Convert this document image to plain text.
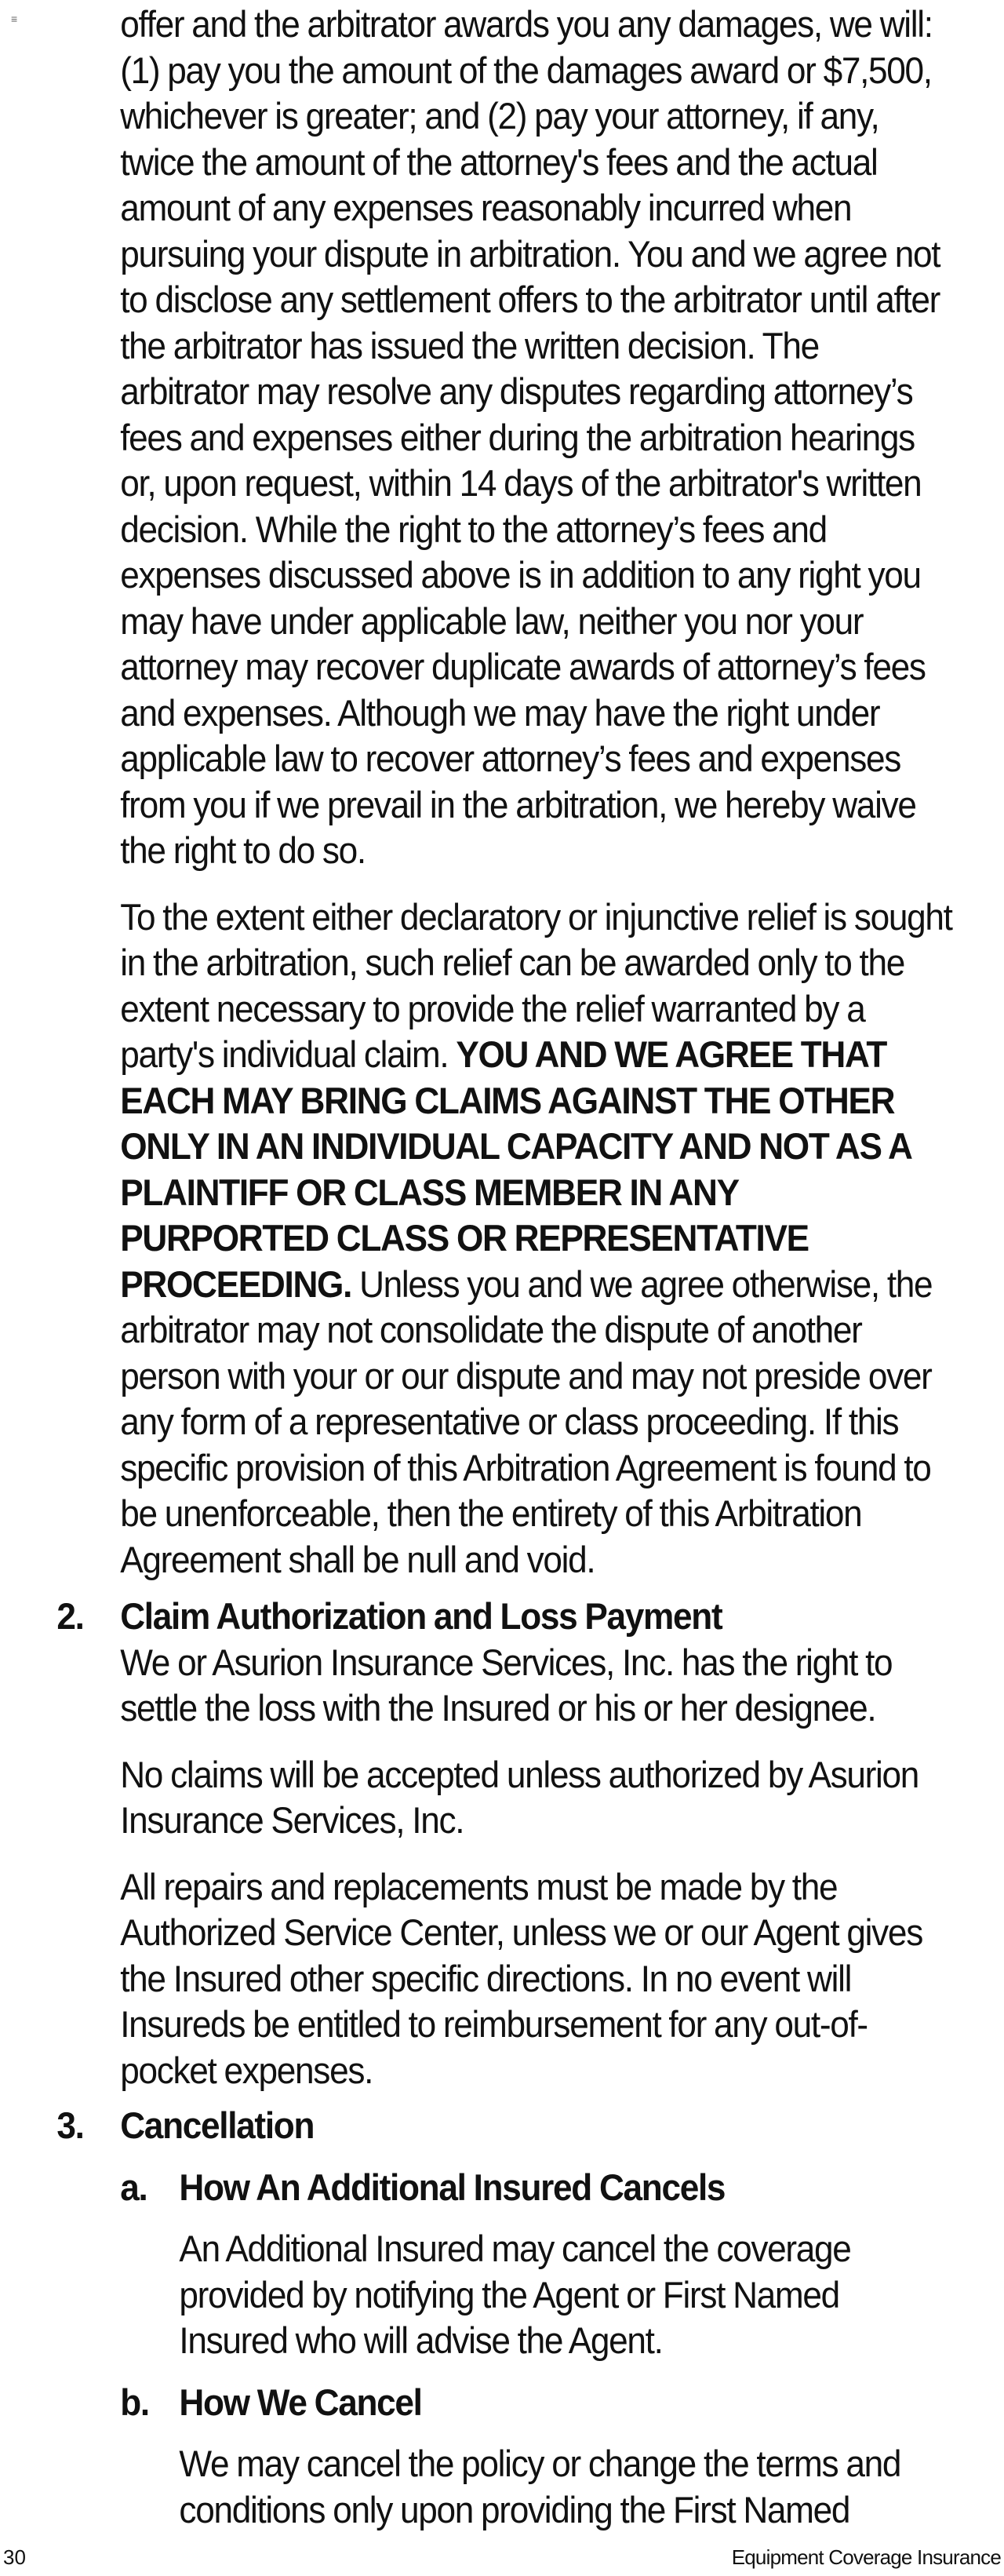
≡	offer and the arbitrator awards you any damages, we will: (1) pay you the amount of the damages award or $7,500, whichever is greater; and (2) pay your attorney, if any, twice the amount of the attorney's fees and the actual amount of any expenses reasonably incurred when pursuing your dispute in arbitration. You and we agree not to disclose any settlement offers to the arbitrator until after the arbitrator has issued the written decision. The arbitrator may resolve any disputes regarding attorney’s fees and expenses either during the arbitration hearings or, upon request, within 14 days of the arbitrator's written decision. While the right to the attorney’s fees and expenses discussed above is in addition to any right you may have under applicable law, neither you nor your attorney may recover duplicate awards of attorney’s fees and expenses. Although we may have the right under applicable law to recover attorney’s fees and expenses from you if we prevail in the arbitration, we hereby waive the right to do so.

To the extent either declaratory or injunctive relief is sought in the arbitration, such relief can be awarded only to the extent necessary to provide the relief warranted by a party's individual claim. YOU AND WE AGREE THAT EACH MAY BRING CLAIMS AGAINST THE OTHER ONLY IN AN INDIVIDUAL CAPACITY AND NOT AS A PLAINTIFF OR CLASS MEMBER IN ANY PURPORTED CLASS OR REPRESENTATIVE PROCEEDING. Unless you and we agree otherwise, the arbitrator may not consolidate the dispute of another person with your or our dispute and may not preside over any form of a representative or class proceeding. If this specific provision of this Arbitration Agreement is found to be unenforceable, then the entirety of this Arbitration Agreement shall be null and void.

2. Claim Authorization and Loss Payment

We or Asurion Insurance Services, Inc. has the right to settle the loss with the Insured or his or her designee.

No claims will be accepted unless authorized by Asurion Insurance Services, Inc.

All repairs and replacements must be made by the Authorized Service Center, unless we or our Agent gives the Insured other specific directions. In no event will Insureds be entitled to reimbursement for any out-of-pocket expenses.

3. Cancellation

a. How An Additional Insured Cancels

An Additional Insured may cancel the coverage provided by notifying the Agent or First Named Insured who will advise the Agent.

b. How We Cancel

We may cancel the policy or change the terms and conditions only upon providing the First Named

30	Equipment Coverage Insurance
